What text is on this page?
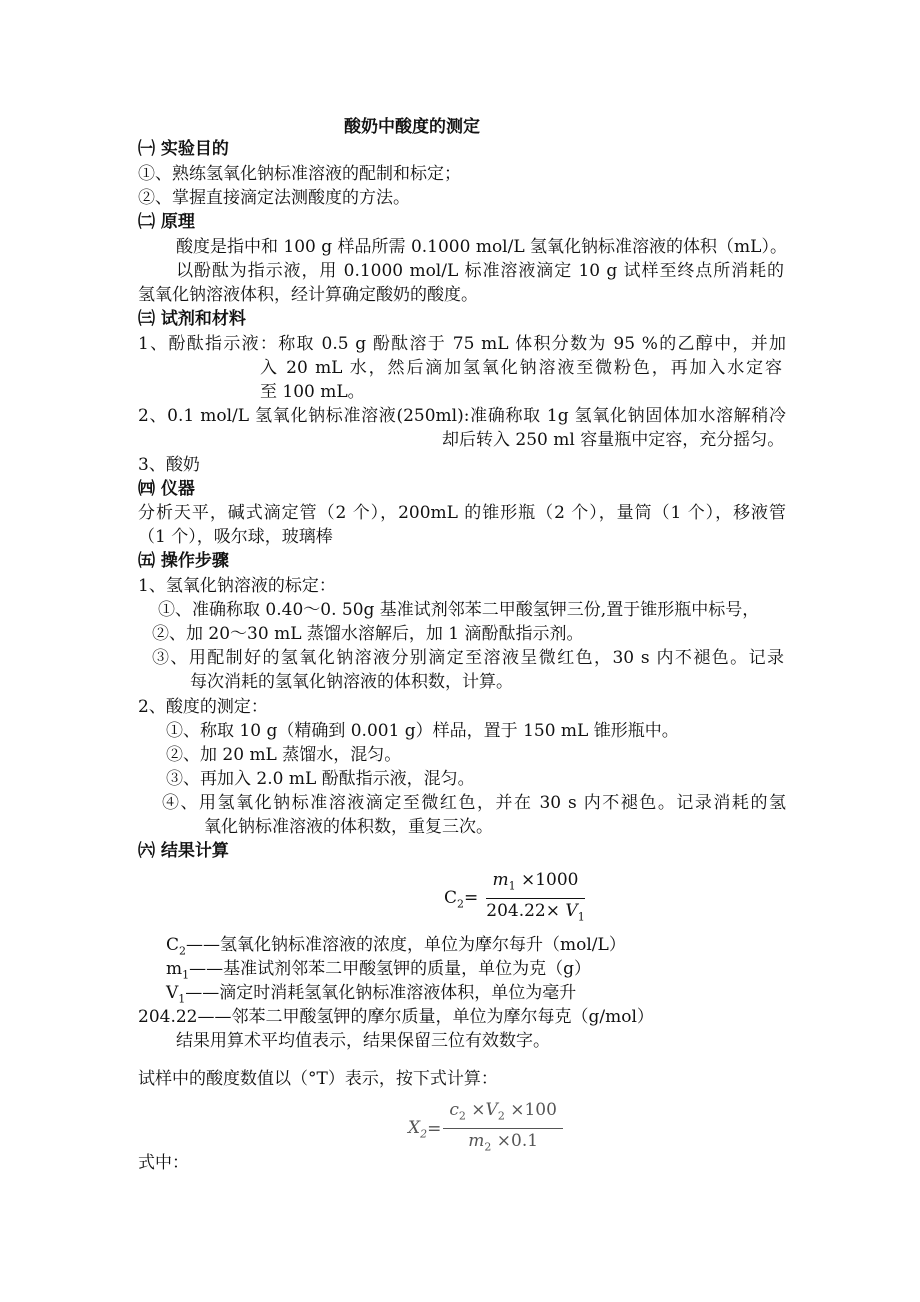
酸奶中酸度的测定
㈠ 实验目的
①、熟练氢氧化钠标准溶液的配制和标定；
②、掌握直接滴定法测酸度的方法。
㈡ 原理
酸度是指中和 100 g 样品所需 0.1000 mol/L 氢氧化钠标准溶液的体积（mL）。
以酚酞为指示液，用 0.1000 mol/L 标准溶液滴定 10 g 试样至终点所消耗的
氢氧化钠溶液体积，经计算确定酸奶的酸度。
㈢ 试剂和材料
1、酚酞指示液：称取 0.5 g 酚酞溶于 75 mL 体积分数为 95 %的乙醇中，并加
入 20 mL 水，然后滴加氢氧化钠溶液至微粉色，再加入水定容
至 100 mL。
2、0.1 mol/L 氢氧化钠标准溶液(250ml):准确称取 1g 氢氧化钠固体加水溶解稍冷
却后转入 250 ml 容量瓶中定容，充分摇匀。
3、酸奶
㈣ 仪器
分析天平，碱式滴定管（2 个），200mL 的锥形瓶（2 个），量筒（1 个），移液管
（1 个），吸尔球，玻璃棒
㈤ 操作步骤
1、氢氧化钠溶液的标定：
①、准确称取 0.40～0. 50g 基准试剂邻苯二甲酸氢钾三份,置于锥形瓶中标号，
②、加 20～30 mL 蒸馏水溶解后，加 1 滴酚酞指示剂。
③、用配制好的氢氧化钠溶液分别滴定至溶液呈微红色，30 s 内不褪色。记录
每次消耗的氢氧化钠溶液的体积数，计算。
2、酸度的测定：
①、称取 10 g（精确到 0.001 g）样品，置于 150 mL 锥形瓶中。
②、加 20 mL 蒸馏水，混匀。
③、再加入 2.0 mL 酚酞指示液，混匀。
④、用氢氧化钠标准溶液滴定至微红色，并在 30 s 内不褪色。记录消耗的氢
氧化钠标准溶液的体积数，重复三次。
㈥ 结果计算
$C_2= \frac{m_1 \times 1000}{204.22\times V_1}$
$C_2——$氢氧化钠标准溶液的浓度，单位为摩尔每升（mol/L）
$m_1——$基准试剂邻苯二甲酸氢钾的质量，单位为克（g）
$V_1——$滴定时消耗氢氧化钠标准溶液体积，单位为毫升
204.22——邻苯二甲酸氢钾的摩尔质量，单位为摩尔每克（g/mol）
结果用算术平均值表示，结果保留三位有效数字。
试样中的酸度数值以（°T）表示，按下式计算：
$X_2 = \frac{c_2 \times V_2 \times 100}{m_2 \times 0.1}$
式中：
